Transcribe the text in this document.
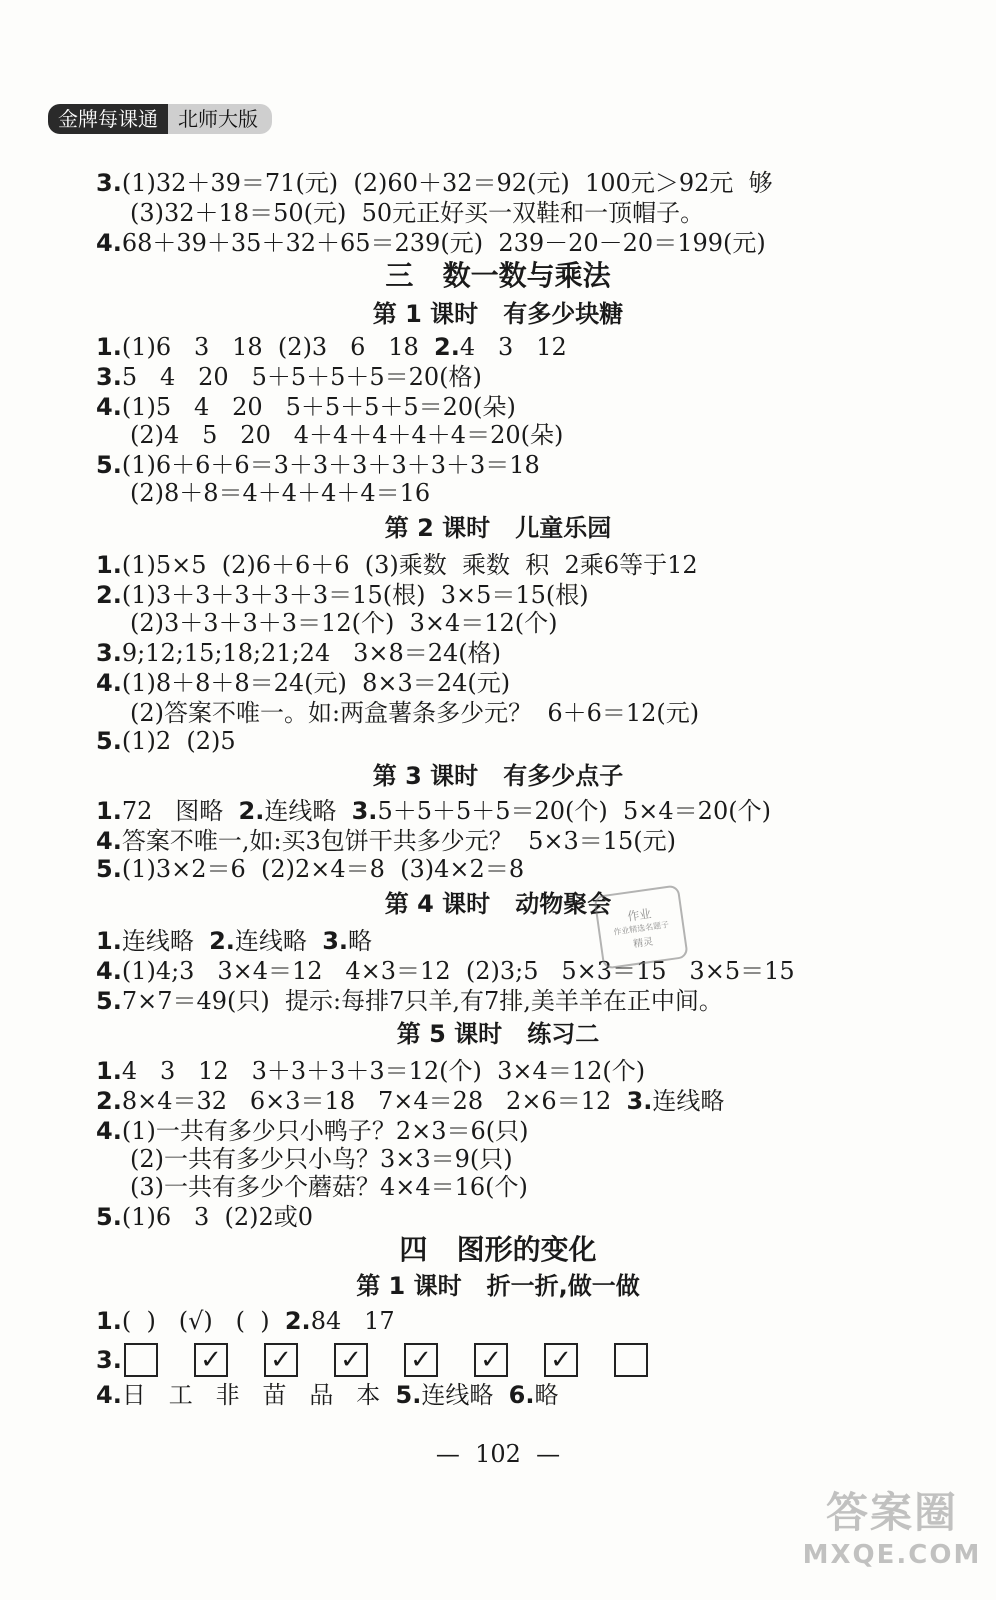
金牌每课通	北师大版
3.(1)32＋39＝71(元)  (2)60＋32＝92(元)  100元＞92元  够
(3)32＋18＝50(元)  50元正好买一双鞋和一顶帽子。
4.68＋39＋35＋32＋65＝239(元)  239－20－20＝199(元)
三   数一数与乘法
第 1 课时   有多少块糖
1.(1)6   3   18  (2)3   6   18  2.4   3   12
3.5   4   20   5＋5＋5＋5＝20(格)
4.(1)5   4   20   5＋5＋5＋5＝20(朵)
(2)4   5   20   4＋4＋4＋4＋4＝20(朵)
5.(1)6＋6＋6＝3＋3＋3＋3＋3＋3＝18
(2)8＋8＝4＋4＋4＋4＝16
第 2 课时   儿童乐园
1.(1)5×5  (2)6＋6＋6  (3)乘数  乘数  积  2乘6等于12
2.(1)3＋3＋3＋3＋3＝15(根)  3×5＝15(根)
(2)3＋3＋3＋3＝12(个)  3×4＝12(个)
3.9;12;15;18;21;24   3×8＝24(格)
4.(1)8＋8＋8＝24(元)  8×3＝24(元)
(2)答案不唯一。如:两盒薯条多少元？  6＋6＝12(元)
5.(1)2  (2)5
第 3 课时   有多少点子
1.72   图略  2.连线略  3.5＋5＋5＋5＝20(个)  5×4＝20(个)
4.答案不唯一,如:买3包饼干共多少元？  5×3＝15(元)
5.(1)3×2＝6  (2)2×4＝8  (3)4×2＝8
第 4 课时   动物聚会
1.连线略  2.连线略  3.略
4.(1)4;3   3×4＝12   4×3＝12  (2)3;5   5×3＝15   3×5＝15
5.7×7＝49(只)  提示:每排7只羊,有7排,美羊羊在正中间。
第 5 课时   练习二
1.4   3   12   3＋3＋3＋3＝12(个)  3×4＝12(个)
2.8×4＝32   6×3＝18   7×4＝28   2×6＝12  3.连线略
4.(1)一共有多少只小鸭子？2×3＝6(只)
(2)一共有多少只小鸟？3×3＝9(只)
(3)一共有多少个蘑菇？4×4＝16(个)
5.(1)6   3  (2)2或0
四   图形的变化
第 1 课时   折一折,做一做
1.(  )   (√)   (  )  2.84   17
3.	✓ ✓ ✓ ✓ ✓ ✓
4.日   工   非   苗   品   本  5.连线略  6.略
作业
作业精选名题子
精灵
—  102  —
答案圈
MXQE.COM
